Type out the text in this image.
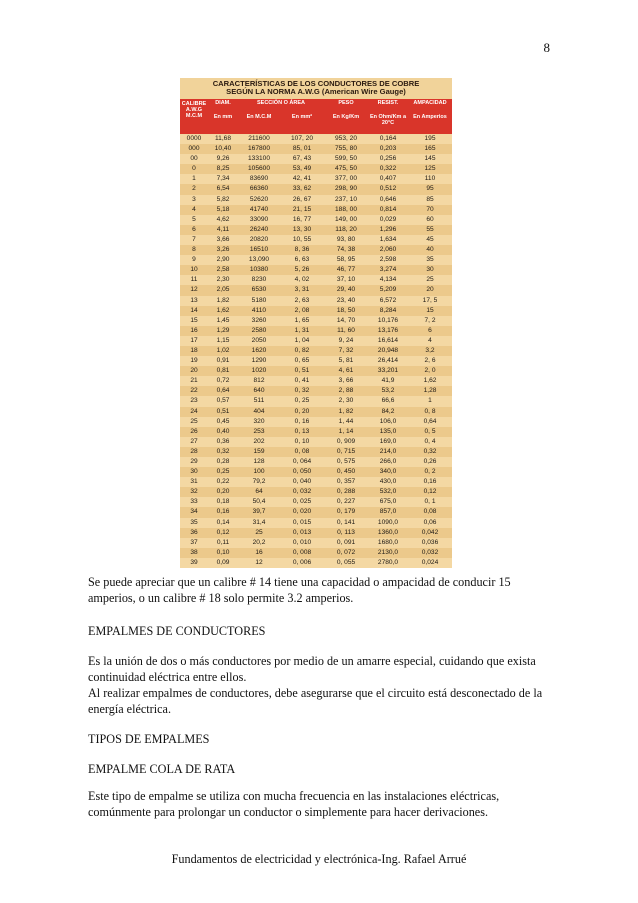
8
CARACTERÍSTICAS DE LOS CONDUCTORES DE COBRE
SEGÚN LA NORMA A.W.G (American Wire Gauge)
CALIBRE A.W.G M.C.M
DIAM.
En mm
SECCIÓN O ÁREA
En M.C.M	En mm²
PESO
En Kg/Km
RESIST.
En Ohm/Km a 20°C
AMPACIDAD
En Amperios
0000	11,68	211600	107, 20	953, 20	0,164	195
000	10,40	167800	85, 01	755, 80	0,203	165
00	9,26	133100	67, 43	599, 50	0,256	145
0	8,25	105600	53, 49	475, 50	0,322	125
1	7,34	83690	42, 41	377, 00	0,407	110
2	6,54	66360	33, 62	298, 90	0,512	95
3	5,82	52620	26, 67	237, 10	0,646	85
4	5,18	41740	21, 15	188, 00	0,814	70
5	4,62	33090	16, 77	149, 00	0,029	60
6	4,11	26240	13, 30	118, 20	1,296	55
7	3,66	20820	10, 55	93, 80	1,634	45
8	3,26	16510	8, 36	74, 38	2,060	40
9	2,90	13,090	6, 63	58, 95	2,598	35
10	2,58	10380	5, 26	46, 77	3,274	30
11	2,30	8230	4, 02	37, 10	4,134	25
12	2,05	6530	3, 31	29, 40	5,209	20
13	1,82	5180	2, 63	23, 40	6,572	17, 5
14	1,62	4110	2, 08	18, 50	8,284	15
15	1,45	3260	1, 65	14, 70	10,176	7, 2
16	1,29	2580	1, 31	11, 60	13,176	6
17	1,15	2050	1, 04	9, 24	16,614	4
18	1,02	1620	0, 82	7, 32	20,948	3,2
19	0,91	1290	0, 65	5, 81	26,414	2, 6
20	0,81	1020	0, 51	4, 61	33,201	2, 0
21	0,72	812	0, 41	3, 66	41,9	1,62
22	0,64	640	0, 32	2, 88	53,2	1,28
23	0,57	511	0, 25	2, 30	66,6	1
24	0,51	404	0, 20	1, 82	84,2	0, 8
25	0,45	320	0, 16	1, 44	106,0	0,64
26	0,40	253	0, 13	1, 14	135,0	0, 5
27	0,36	202	0, 10	0, 909	169,0	0, 4
28	0,32	159	0, 08	0, 715	214,0	0,32
29	0,28	128	0, 064	0, 575	266,0	0,26
30	0,25	100	0, 050	0, 450	340,0	0, 2
31	0,22	79,2	0, 040	0, 357	430,0	0,16
32	0,20	64	0, 032	0, 288	532,0	0,12
33	0,18	50,4	0, 025	0, 227	675,0	0, 1
34	0,16	39,7	0, 020	0, 179	857,0	0,08
35	0,14	31,4	0, 015	0, 141	1090,0	0,06
36	0,12	25	0, 013	0, 113	1360,0	0,042
37	0,11	20,2	0, 010	0, 091	1680,0	0,036
38	0,10	16	0, 008	0, 072	2130,0	0,032
39	0,09	12	0, 006	0, 055	2780,0	0,024
Se puede apreciar que un calibre # 14 tiene una capacidad o ampacidad de conducir 15 amperios, o un calibre # 18 solo permite 3.2 amperios.
EMPALMES DE CONDUCTORES
Es la unión de dos o más conductores por medio de un amarre especial, cuidando que exista continuidad eléctrica entre ellos.
Al realizar empalmes de conductores, debe asegurarse que el circuito está desconectado de la energía eléctrica.
TIPOS DE EMPALMES
EMPALME COLA DE RATA
Este tipo de empalme se utiliza con mucha frecuencia en las instalaciones eléctricas, comúnmente para prolongar un conductor o simplemente para hacer derivaciones.
Fundamentos de electricidad y electrónica-Ing. Rafael Arrué
